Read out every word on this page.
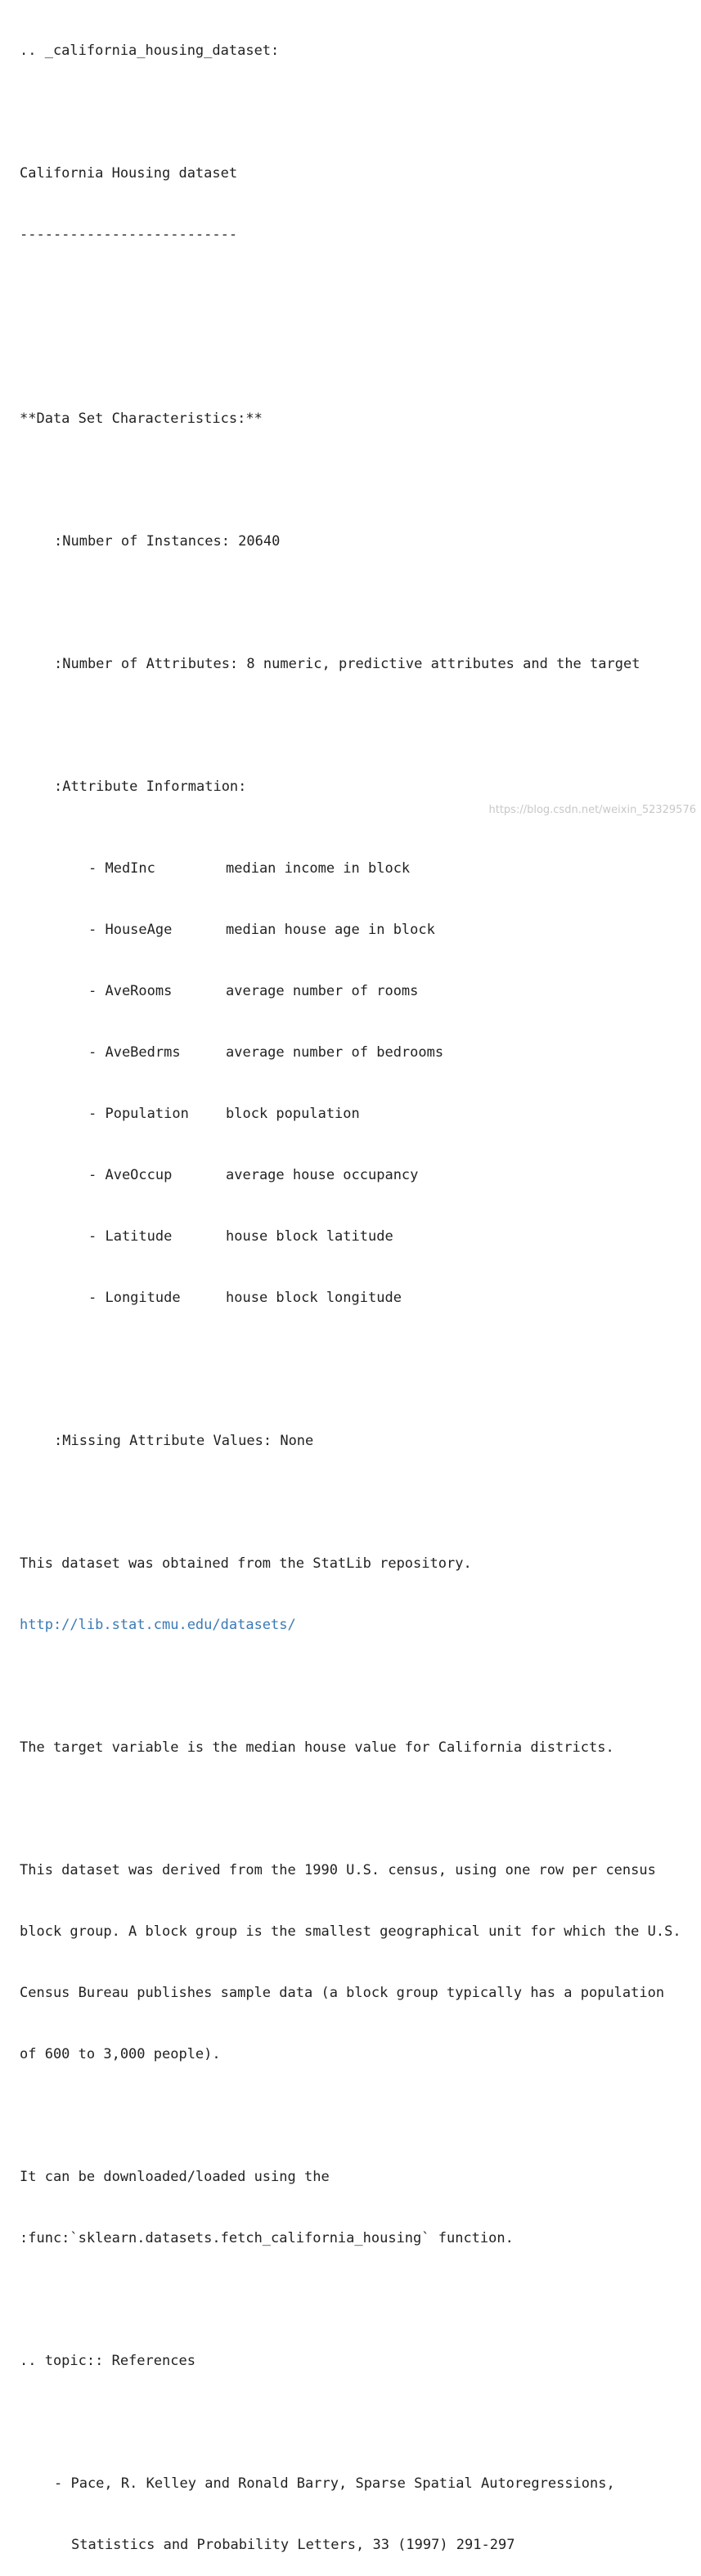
.. _california_housing_dataset:

California Housing dataset

--------------------------

**Data Set Characteristics:**

:Number of Instances: 20640

:Number of Attributes: 8 numeric, predictive attributes and the target

:Attribute Information:

- MedInc	median income in block

- HouseAge	median house age in block

- AveRooms	average number of rooms

- AveBedrms	average number of bedrooms

- Population	block population

- AveOccup	average house occupancy

- Latitude	house block latitude

- Longitude	house block longitude

:Missing Attribute Values: None

This dataset was obtained from the StatLib repository.

http://lib.stat.cmu.edu/datasets/

The target variable is the median house value for California districts.

This dataset was derived from the 1990 U.S. census, using one row per census

block group. A block group is the smallest geographical unit for which the U.S.

Census Bureau publishes sample data (a block group typically has a population

of 600 to 3,000 people).

It can be downloaded/loaded using the

:func:`sklearn.datasets.fetch_california_housing` function.

.. topic:: References

- Pace, R. Kelley and Ronald Barry, Sparse Spatial Autoregressions,

Statistics and Probability Letters, 33 (1997) 291-297

https://blog.csdn.net/weixin_52329576
